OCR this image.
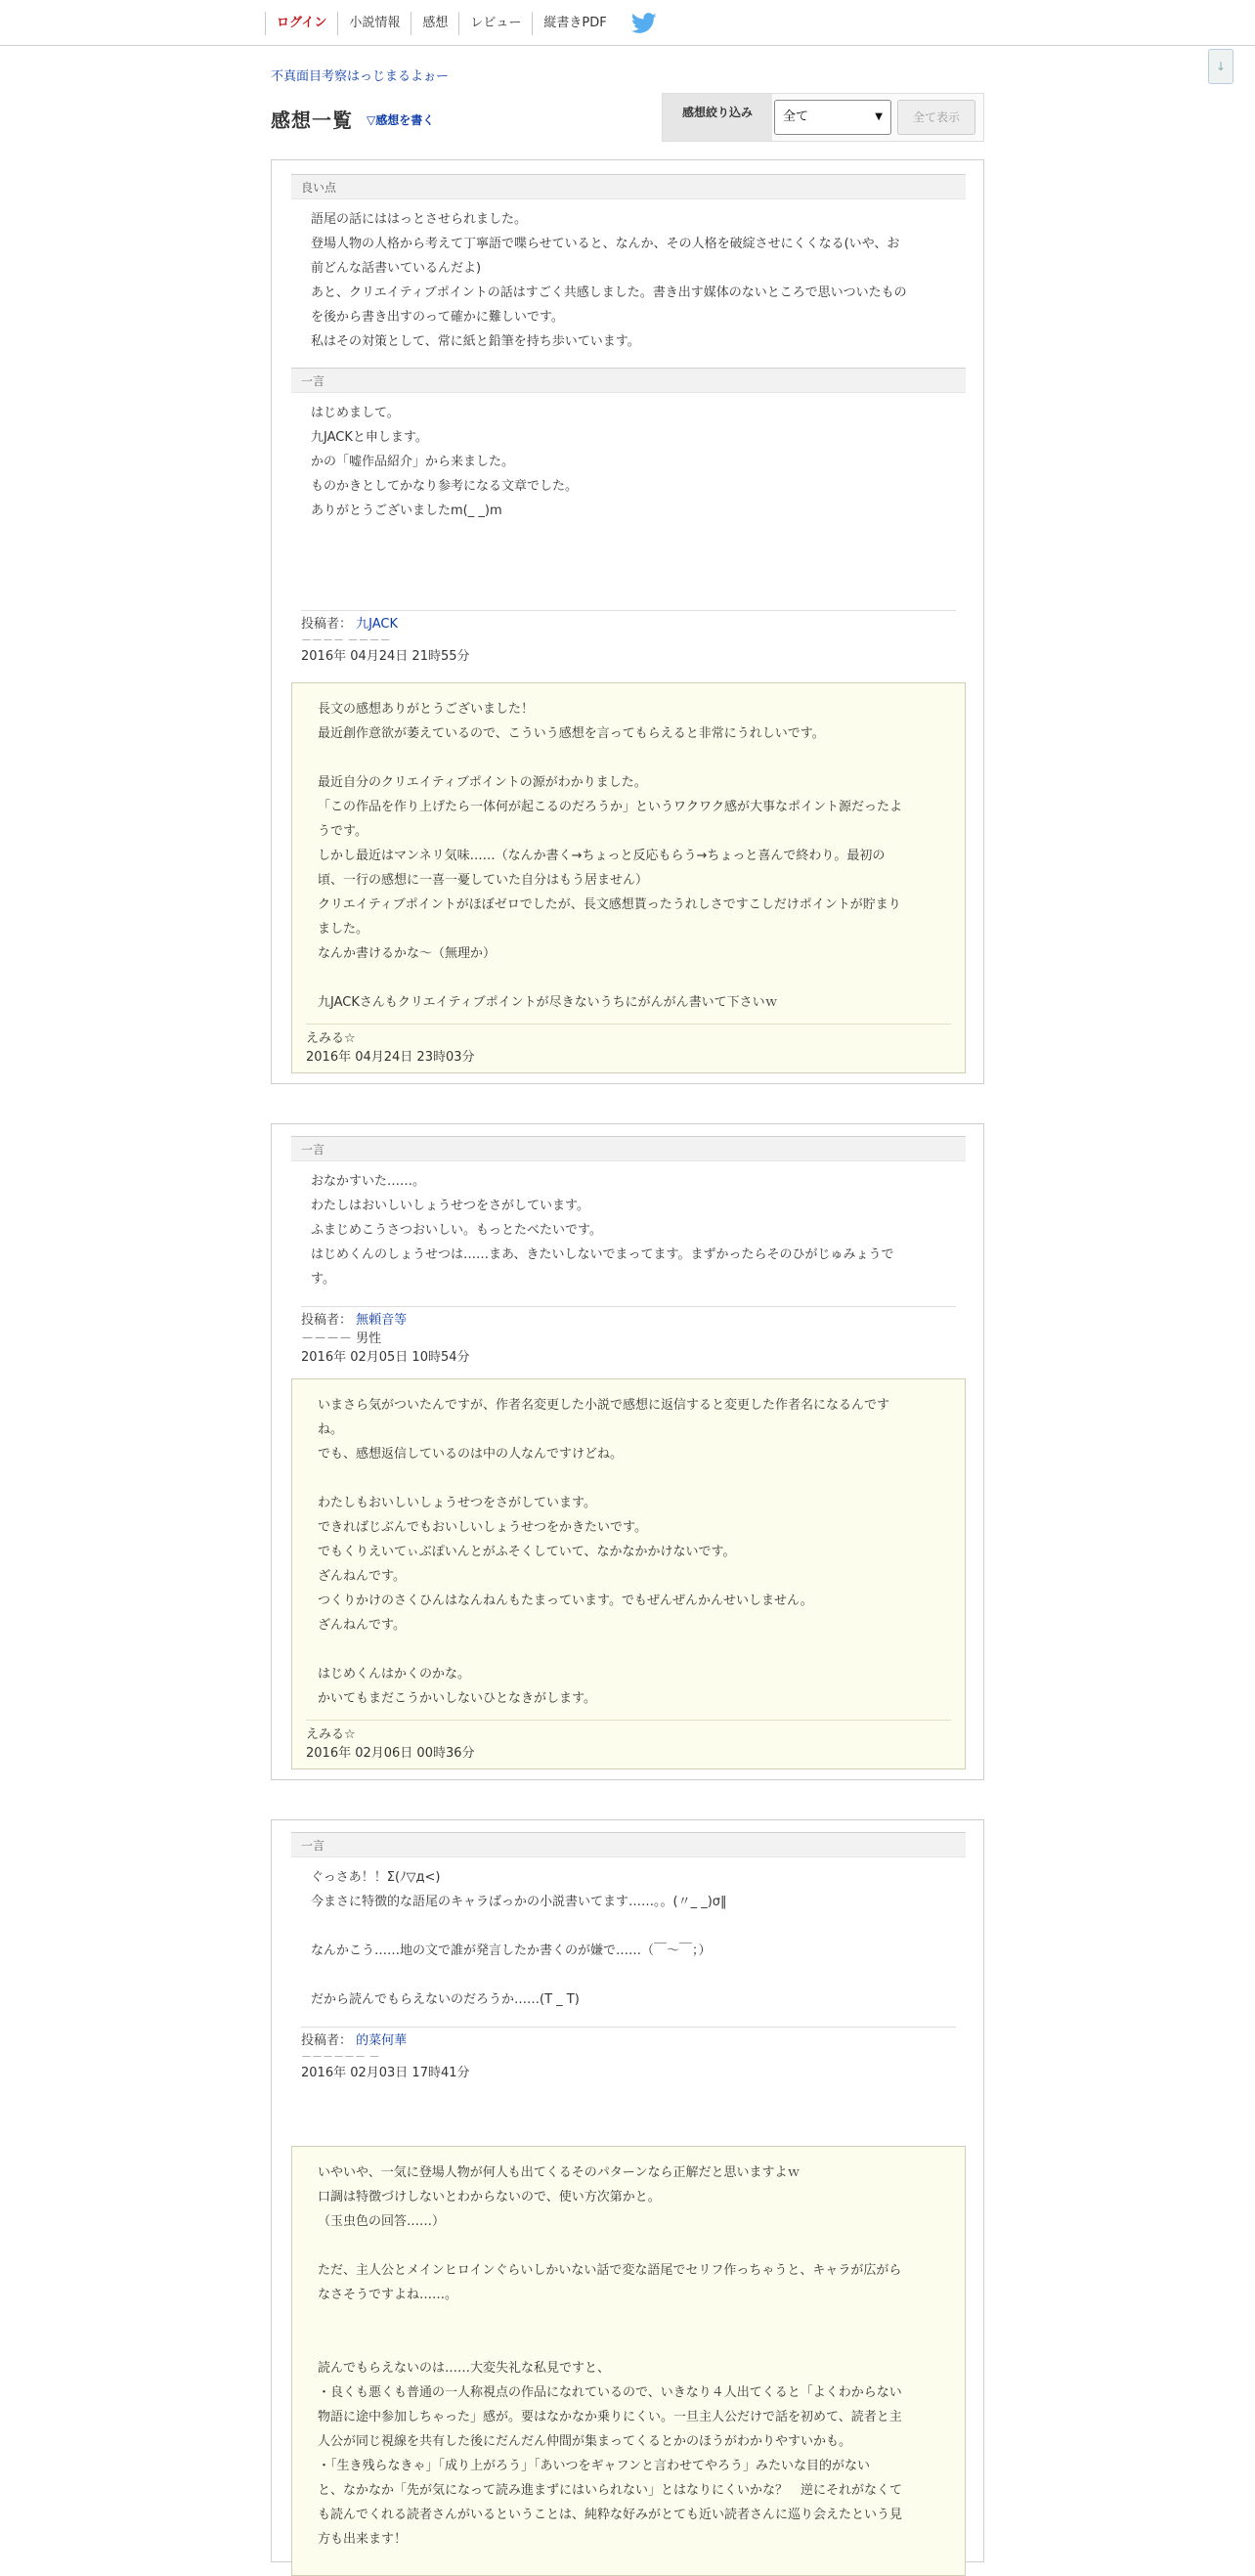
ログイン	小説情報	感想	レビュー	縦書きPDF
↓
不真面目考察はっじまるよぉー
感想一覧 ▽感想を書く
感想絞り込み	全て	▼	全て表示
良い点
語尾の話にははっとさせられました。
登場人物の人格から考えて丁寧語で喋らせていると、なんか、その人格を破綻させにくくなる(いや、お
前どんな話書いているんだよ)
あと、クリエイティブポイントの話はすごく共感しました。書き出す媒体のないところで思いついたもの
を後から書き出すのって確かに難しいです。
私はその対策として、常に紙と鉛筆を持ち歩いています。
一言
はじめまして。
九JACKと申します。
かの「嘘作品紹介」から来ました。
ものかきとしてかなり参考になる文章でした。
ありがとうございましたm(_ _)m
投稿者： 九JACK
－－－－ －－－－
2016年 04月24日 21時55分
長文の感想ありがとうございました！
最近創作意欲が萎えているので、こういう感想を言ってもらえると非常にうれしいです。
最近自分のクリエイティブポイントの源がわかりました。
「この作品を作り上げたら一体何が起こるのだろうか」というワクワク感が大事なポイント源だったよ
うです。
しかし最近はマンネリ気味……（なんか書く→ちょっと反応もらう→ちょっと喜んで終わり。最初の
頃、一行の感想に一喜一憂していた自分はもう居ません）
クリエイティブポイントがほぼゼロでしたが、長文感想貰ったうれしさですこしだけポイントが貯まり
ました。
なんか書けるかな～（無理か）
九JACKさんもクリエイティブポイントが尽きないうちにがんがん書いて下さいｗ
えみる☆
2016年 04月24日 23時03分
一言
おなかすいた……。
わたしはおいしいしょうせつをさがしています。
ふまじめこうさつおいしい。もっとたべたいです。
はじめくんのしょうせつは……まあ、きたいしないでまってます。まずかったらそのひがじゅみょうで
す。
投稿者： 無頼音等
－－－－ 男性
2016年 02月05日 10時54分
いまさら気がついたんですが、作者名変更した小説で感想に返信すると変更した作者名になるんです
ね。
でも、感想返信しているのは中の人なんですけどね。
わたしもおいしいしょうせつをさがしています。
できればじぶんでもおいしいしょうせつをかきたいです。
でもくりえいてぃぶぽいんとがふそくしていて、なかなかかけないです。
ざんねんです。
つくりかけのさくひんはなんねんもたまっています。でもぜんぜんかんせいしません。
ざんねんです。
はじめくんはかくのかな。
かいてもまだこうかいしないひとなきがします。
えみる☆
2016年 02月06日 00時36分
一言
ぐっさあ！！Σ(ﾉ▽д<)
今まさに特徴的な語尾のキャラばっかの小説書いてます……。。(〃_ _)σ‖
なんかこう……地の文で誰が発言したか書くのが嫌で……（￣～￣；）
だから読んでもらえないのだろうか……(T _ T)
投稿者： 的菜何華
－－－－－－ －
2016年 02月03日 17時41分
いやいや、一気に登場人物が何人も出てくるそのパターンなら正解だと思いますよｗ
口調は特徴づけしないとわからないので、使い方次第かと。
（玉虫色の回答……）
ただ、主人公とメインヒロインぐらいしかいない話で変な語尾でセリフ作っちゃうと、キャラが広がら
なさそうですよね……。
読んでもらえないのは……大変失礼な私見ですと、
・良くも悪くも普通の一人称視点の作品になれているので、いきなり４人出てくると「よくわからない
物語に途中参加しちゃった」感が。要はなかなか乗りにくい。一旦主人公だけで話を初めて、読者と主
人公が同じ視線を共有した後にだんだん仲間が集まってくるとかのほうがわかりやすいかも。
・「生き残らなきゃ」「成り上がろう」「あいつをギャフンと言わせてやろう」みたいな目的がない
と、なかなか「先が気になって読み進まずにはいられない」とはなりにくいかな？　逆にそれがなくて
も読んでくれる読者さんがいるということは、純粋な好みがとても近い読者さんに巡り会えたという見
方も出来ます！
